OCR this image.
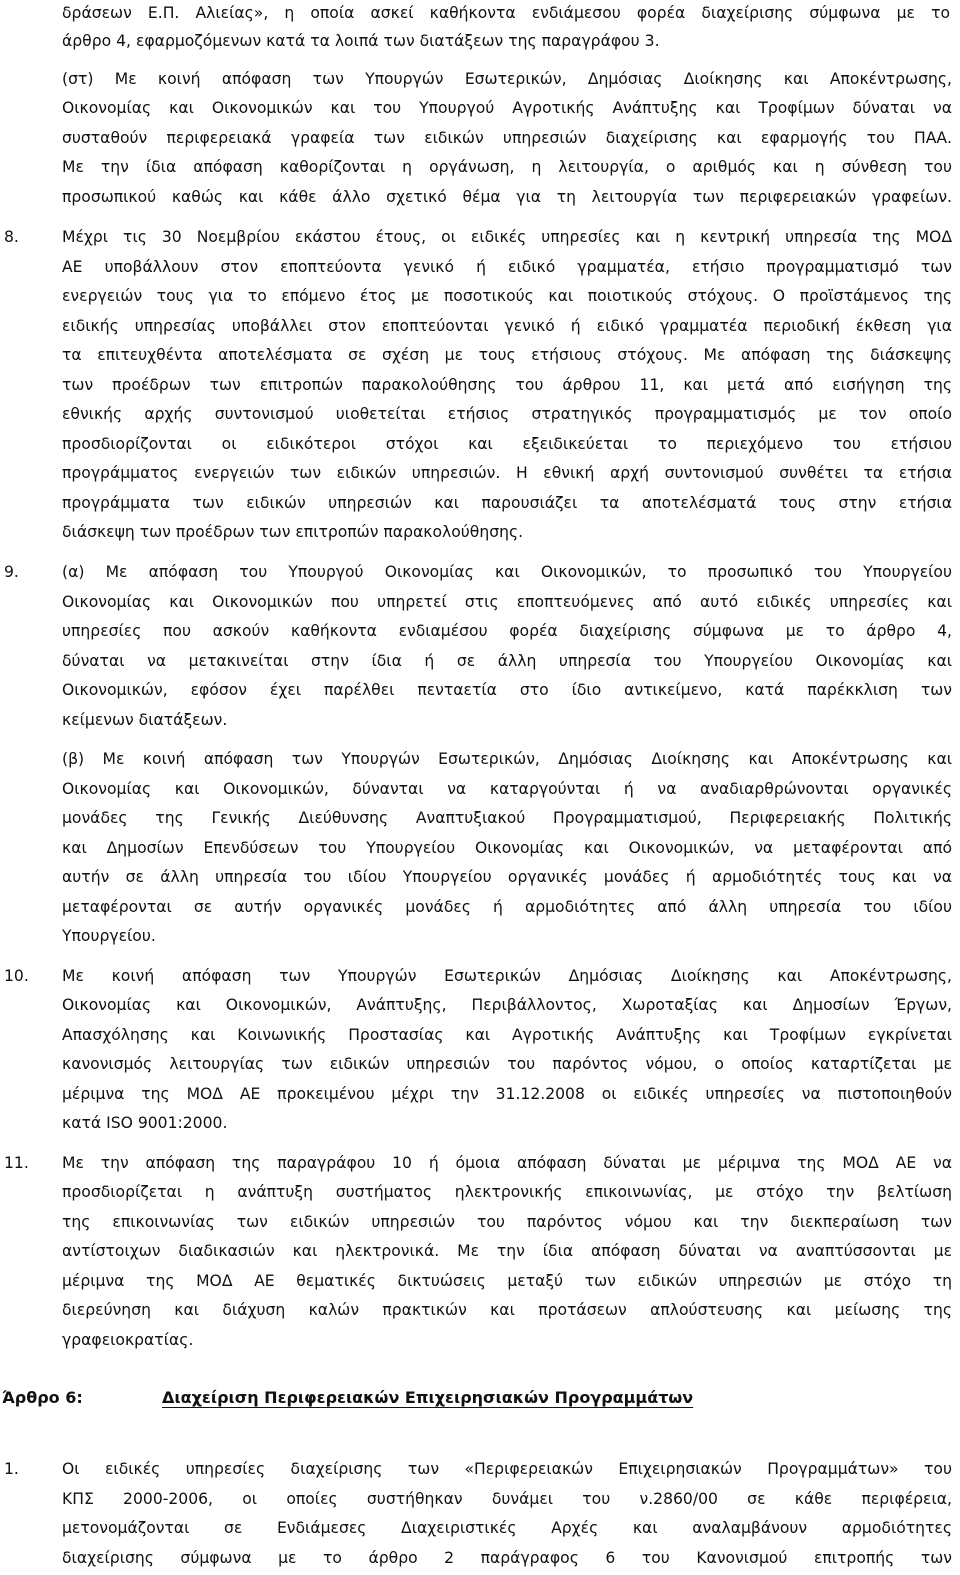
δράσεων Ε.Π. Αλιείας», η οποία ασκεί καθήκοντα ενδιάμεσου φορέα διαχείρισης σύμφωνα με το
άρθρο 4, εφαρμοζόμενων κατά τα λοιπά των διατάξεων της παραγράφου 3.
(στ) Με κοινή απόφαση των Υπουργών Εσωτερικών, Δημόσιας Διοίκησης και Αποκέντρωσης,
Οικονομίας και Οικονομικών και του Υπουργού Αγροτικής Ανάπτυξης και Τροφίμων δύναται να
συσταθούν περιφερειακά γραφεία των ειδικών υπηρεσιών διαχείρισης και εφαρμογής του ΠΑΑ.
Με την ίδια απόφαση καθορίζονται η οργάνωση, η λειτουργία, ο αριθμός και η σύνθεση του
προσωπικού καθώς και κάθε άλλο σχετικό θέμα για τη λειτουργία των περιφερειακών γραφείων.
8.	Μέχρι τις 30 Νοεμβρίου εκάστου έτους, οι ειδικές υπηρεσίες και η κεντρική υπηρεσία της ΜΟΔ
ΑΕ υποβάλλουν στον εποπτεύοντα γενικό ή ειδικό γραμματέα, ετήσιο προγραμματισμό των
ενεργειών τους για το επόμενο έτος με ποσοτικούς και ποιοτικούς στόχους. Ο προϊστάμενος της
ειδικής υπηρεσίας υποβάλλει στον εποπτεύονται γενικό ή ειδικό γραμματέα περιοδική έκθεση για
τα επιτευχθέντα αποτελέσματα σε σχέση με τους ετήσιους στόχους. Με απόφαση της διάσκεψης
των προέδρων των επιτροπών παρακολούθησης του άρθρου 11, και μετά από εισήγηση της
εθνικής αρχής συντονισμού υιοθετείται ετήσιος στρατηγικός προγραμματισμός με τον οποίο
προσδιορίζονται οι ειδικότεροι στόχοι και εξειδικεύεται το περιεχόμενο του ετήσιου
προγράμματος ενεργειών των ειδικών υπηρεσιών. Η εθνική αρχή συντονισμού συνθέτει τα ετήσια
προγράμματα των ειδικών υπηρεσιών και παρουσιάζει τα αποτελέσματά τους στην ετήσια
διάσκεψη των προέδρων των επιτροπών παρακολούθησης.
9.	(α) Με απόφαση του Υπουργού Οικονομίας και Οικονομικών, το προσωπικό του Υπουργείου
Οικονομίας και Οικονομικών που υπηρετεί στις εποπτευόμενες από αυτό ειδικές υπηρεσίες και
υπηρεσίες που ασκούν καθήκοντα ενδιαμέσου φορέα διαχείρισης σύμφωνα με το άρθρο 4,
δύναται να μετακινείται στην ίδια ή σε άλλη υπηρεσία του Υπουργείου Οικονομίας και
Οικονομικών, εφόσον έχει παρέλθει πενταετία στο ίδιο αντικείμενο, κατά παρέκκλιση των
κείμενων διατάξεων.
(β) Με κοινή απόφαση των Υπουργών Εσωτερικών, Δημόσιας Διοίκησης και Αποκέντρωσης και
Οικονομίας και Οικονομικών, δύνανται να καταργούνται ή να αναδιαρθρώνονται οργανικές
μονάδες της Γενικής Διεύθυνσης Αναπτυξιακού Προγραμματισμού, Περιφερειακής Πολιτικής
και Δημοσίων Επενδύσεων του Υπουργείου Οικονομίας και Οικονομικών, να μεταφέρονται από
αυτήν σε άλλη υπηρεσία του ιδίου Υπουργείου οργανικές μονάδες ή αρμοδιότητές τους και να
μεταφέρονται σε αυτήν οργανικές μονάδες ή αρμοδιότητες από άλλη υπηρεσία του ιδίου
Υπουργείου.
10. Με κοινή απόφαση των Υπουργών Εσωτερικών Δημόσιας Διοίκησης και Αποκέντρωσης,
Οικονομίας και Οικονομικών, Ανάπτυξης, Περιβάλλοντος, Χωροταξίας και Δημοσίων Έργων,
Απασχόλησης και Κοινωνικής Προστασίας και Αγροτικής Ανάπτυξης και Τροφίμων εγκρίνεται
κανονισμός λειτουργίας των ειδικών υπηρεσιών του παρόντος νόμου, ο οποίος καταρτίζεται με
μέριμνα της ΜΟΔ ΑΕ προκειμένου μέχρι την 31.12.2008 οι ειδικές υπηρεσίες να πιστοποιηθούν
κατά ISO 9001:2000.
11. Με την απόφαση της παραγράφου 10 ή όμοια απόφαση δύναται με μέριμνα της ΜΟΔ ΑΕ να
προσδιορίζεται η ανάπτυξη συστήματος ηλεκτρονικής επικοινωνίας, με στόχο την βελτίωση
της επικοινωνίας των ειδικών υπηρεσιών του παρόντος νόμου και την διεκπεραίωση των
αντίστοιχων διαδικασιών και ηλεκτρονικά. Με την ίδια απόφαση δύναται να αναπτύσσονται με
μέριμνα της ΜΟΔ ΑΕ θεματικές δικτυώσεις μεταξύ των ειδικών υπηρεσιών με στόχο τη
διερεύνηση και διάχυση καλών πρακτικών και προτάσεων απλούστευσης και μείωσης της
γραφειοκρατίας.
Άρθρο 6:	Διαχείριση Περιφερειακών Επιχειρησιακών Προγραμμάτων
1.	Οι ειδικές υπηρεσίες διαχείρισης των «Περιφερειακών Επιχειρησιακών Προγραμμάτων» του
ΚΠΣ 2000-2006, οι οποίες συστήθηκαν δυνάμει του ν.2860/00 σε κάθε περιφέρεια,
μετονομάζονται σε Ενδιάμεσες Διαχειριστικές Αρχές και αναλαμβάνουν αρμοδιότητες
διαχείρισης σύμφωνα με το άρθρο 2 παράγραφος 6 του Κανονισμού επιτροπής των
